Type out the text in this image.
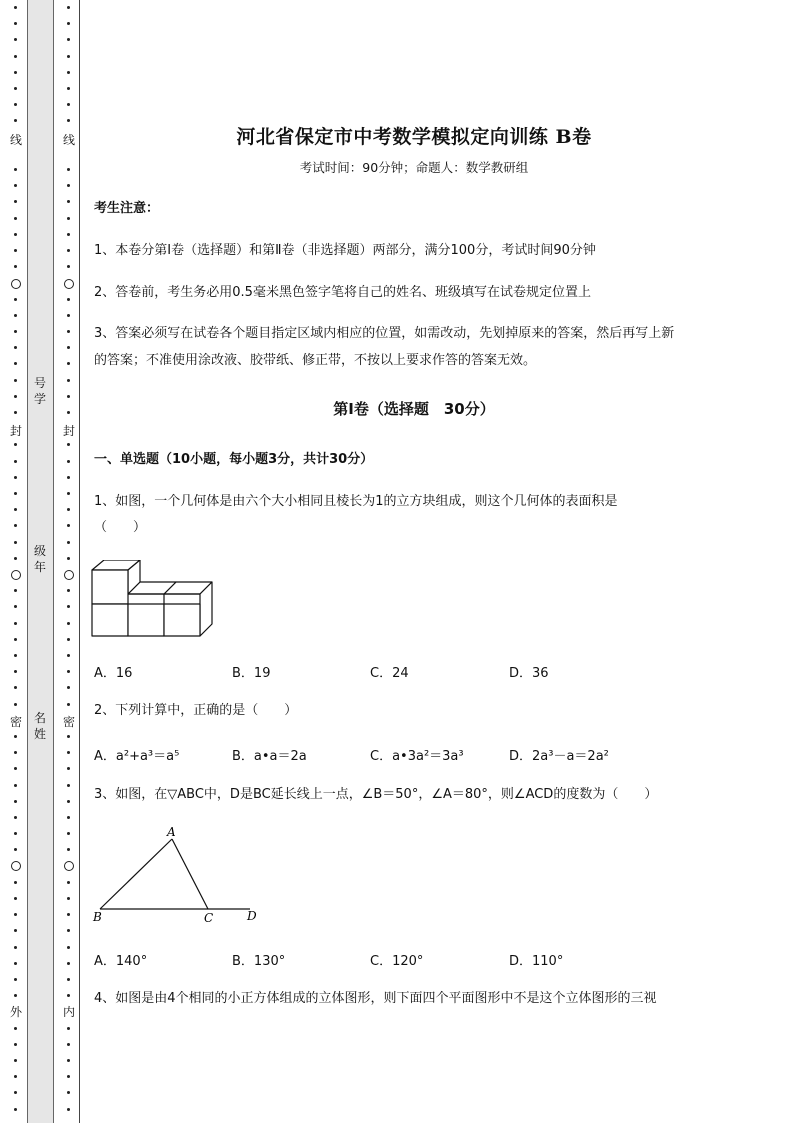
线
封
密
外
线
封
密
内
号学
级年
名姓
河北省保定市中考数学模拟定向训练 B卷
考试时间：90分钟；命题人：数学教研组
考生注意：
1、本卷分第I卷（选择题）和第Ⅱ卷（非选择题）两部分，满分100分，考试时间90分钟
2、答卷前，考生务必用0.5毫米黑色签字笔将自己的姓名、班级填写在试卷规定位置上
3、答案必须写在试卷各个题目指定区域内相应的位置，如需改动，先划掉原来的答案，然后再写上新
的答案；不准使用涂改液、胶带纸、修正带，不按以上要求作答的答案无效。
第I卷（选择题　30分）
一、单选题（10小题，每小题3分，共计30分）
1、如图，一个几何体是由六个大小相同且棱长为1的立方块组成，则这个几何体的表面积是
（　　）
A．16	B．19	C．24	D．36
2、下列计算中，正确的是（　　）
A．a²+a³＝a⁵	B．a•a＝2a	C．a•3a²＝3a³	D．2a³－a＝2a²
3、如图，在▽ABC中，D是BC延长线上一点，∠B＝50°，∠A＝80°，则∠ACD的度数为（　　）
A
B	C	D
A．140°	B．130°	C．120°	D．110°
4、如图是由4个相同的小正方体组成的立体图形，则下面四个平面图形中不是这个立体图形的三视
